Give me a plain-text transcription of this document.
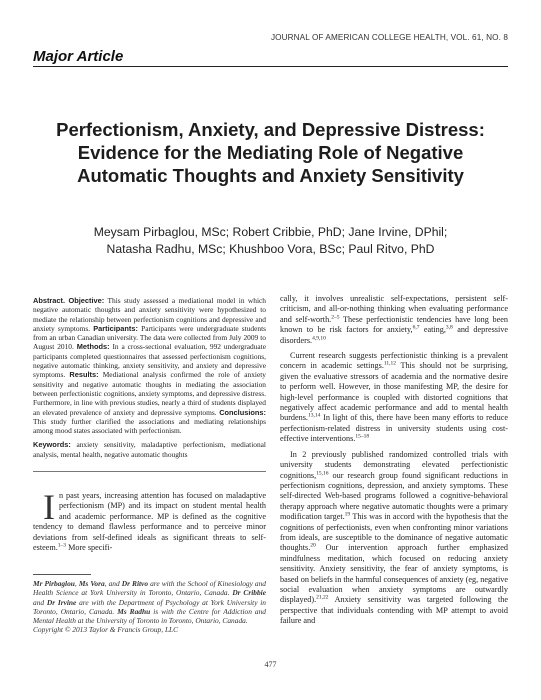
JOURNAL OF AMERICAN COLLEGE HEALTH, VOL. 61, NO. 8
Major Article
Perfectionism, Anxiety, and Depressive Distress:
Evidence for the Mediating Role of Negative
Automatic Thoughts and Anxiety Sensitivity
Meysam Pirbaglou, MSc; Robert Cribbie, PhD; Jane Irvine, DPhil;
Natasha Radhu, MSc; Khushboo Vora, BSc; Paul Ritvo, PhD
Abstract. Objective: This study assessed a mediational model in which negative automatic thoughts and anxiety sensitivity were hypothesized to mediate the relationship between perfectionism cognitions and depressive and anxiety symptoms. Participants: Participants were undergraduate students from an urban Canadian university. The data were collected from July 2009 to August 2010. Methods: In a cross-sectional evaluation, 992 undergraduate participants completed questionnaires that assessed perfectionism cognitions, negative automatic thinking, anxiety sensitivity, and anxiety and depressive symptoms. Results: Mediational analysis confirmed the role of anxiety sensitivity and negative automatic thoughts in mediating the association between perfectionistic cognitions, anxiety symptoms, and depressive distress. Furthermore, in line with previous studies, nearly a third of students displayed an elevated prevalence of anxiety and depressive symptoms. Conclusions: This study further clarified the associations and mediating relationships among mood states associated with perfectionism.
Keywords: anxiety sensitivity, maladaptive perfectionism, mediational analysis, mental health, negative automatic thoughts
In past years, increasing attention has focused on maladaptive perfectionism (MP) and its impact on student mental health and academic performance. MP is defined as the cognitive tendency to demand flawless performance and to perceive minor deviations from self-defined ideals as significant threats to self-esteem.$^{1-3}$ More specifi-
Mr Pirbaglou, Ms Vora, and Dr Ritvo are with the School of Kinesiology and Health Science at York University in Toronto, Ontario, Canada. Dr Cribbie and Dr Irvine are with the Department of Psychology at York University in Toronto, Ontario, Canada. Ms Radhu is with the Centre for Addiction and Mental Health at the University of Toronto in Toronto, Ontario, Canada.
Copyright © 2013 Taylor & Francis Group, LLC
cally, it involves unrealistic self-expectations, persistent self-criticism, and all-or-nothing thinking when evaluating performance and self-worth.$^{2-5}$ These perfectionistic tendencies have long been known to be risk factors for anxiety,$^{6,7}$ eating,$^{3,8}$ and depressive disorders.$^{4,9,10}$
Current research suggests perfectionistic thinking is a prevalent concern in academic settings.$^{11,12}$ This should not be surprising, given the evaluative stressors of academia and the normative desire to perform well. However, in those manifesting MP, the desire for high-level performance is coupled with distorted cognitions that negatively affect academic performance and add to mental health burdens.$^{13,14}$ In light of this, there have been many efforts to reduce perfectionism-related distress in university students using cost-effective interventions.$^{15-18}$
In 2 previously published randomized controlled trials with university students demonstrating elevated perfectionistic cognitions,$^{15,16}$ our research group found significant reductions in perfectionism cognitions, depression, and anxiety symptoms. These self-directed Web-based programs followed a cognitive-behavioral therapy approach where negative automatic thoughts were a primary modification target.$^{19}$ This was in accord with the hypothesis that the cognitions of perfectionists, even when confronting minor variations from ideals, are susceptible to the dominance of negative automatic thoughts.$^{20}$ Our intervention approach further emphasized mindfulness meditation, which focused on reducing anxiety sensitivity. Anxiety sensitivity, the fear of anxiety symptoms, is based on beliefs in the harmful consequences of anxiety (eg, negative social evaluation when anxiety symptoms are outwardly displayed).$^{21,22}$ Anxiety sensitivity was targeted following the perspective that individuals contending with MP attempt to avoid failure and
477
